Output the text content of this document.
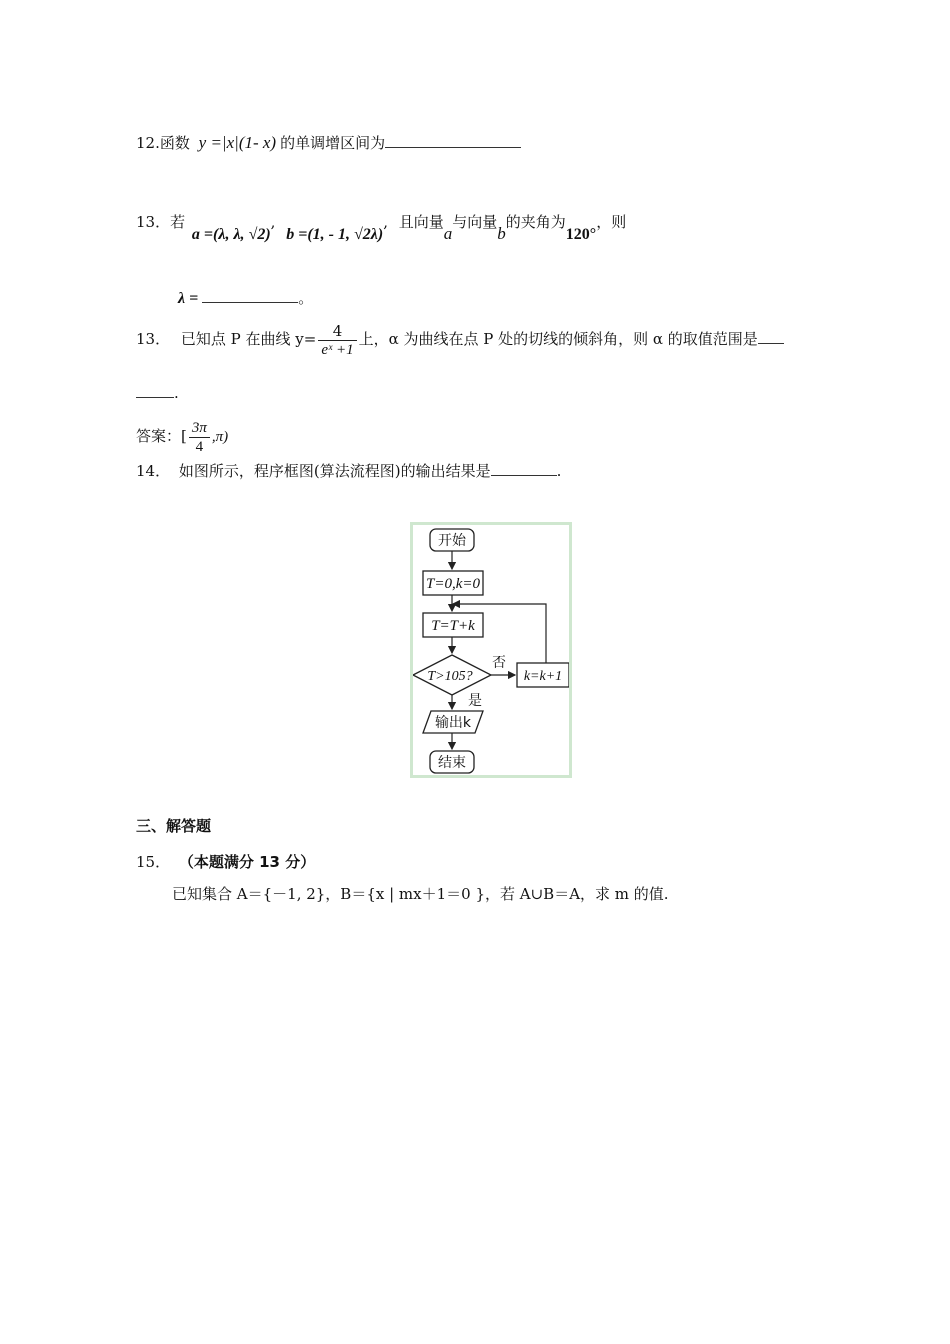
12.函数 y =|x|(1- x) 的单调增区间为
13．若 a =(λ, λ, √2), b =(1, - 1, √2λ), 且向量a与向量b的夹角为120°，则
λ =	。
13． 已知点 P 在曲线 $y= \frac{4}{\text{eˣ +1}}$ 上，α 为曲线在点 P 处的切线的倾斜角，则 α 的取值范围是
.
答案：[ $\frac{3\pi}{4} ,\pi$)
14． 如图所示，程序框图(算法流程图)的输出结果是	.
开始
T=0,k=0
T=T+k
T>105?
否
k=k+1
是
输出k
结束
三、解答题
15． （本题满分 13 分）
已知集合 A＝{－1, 2}，B＝{x | mx＋1＝0 }，若 A∪B＝A，求 m 的值.
